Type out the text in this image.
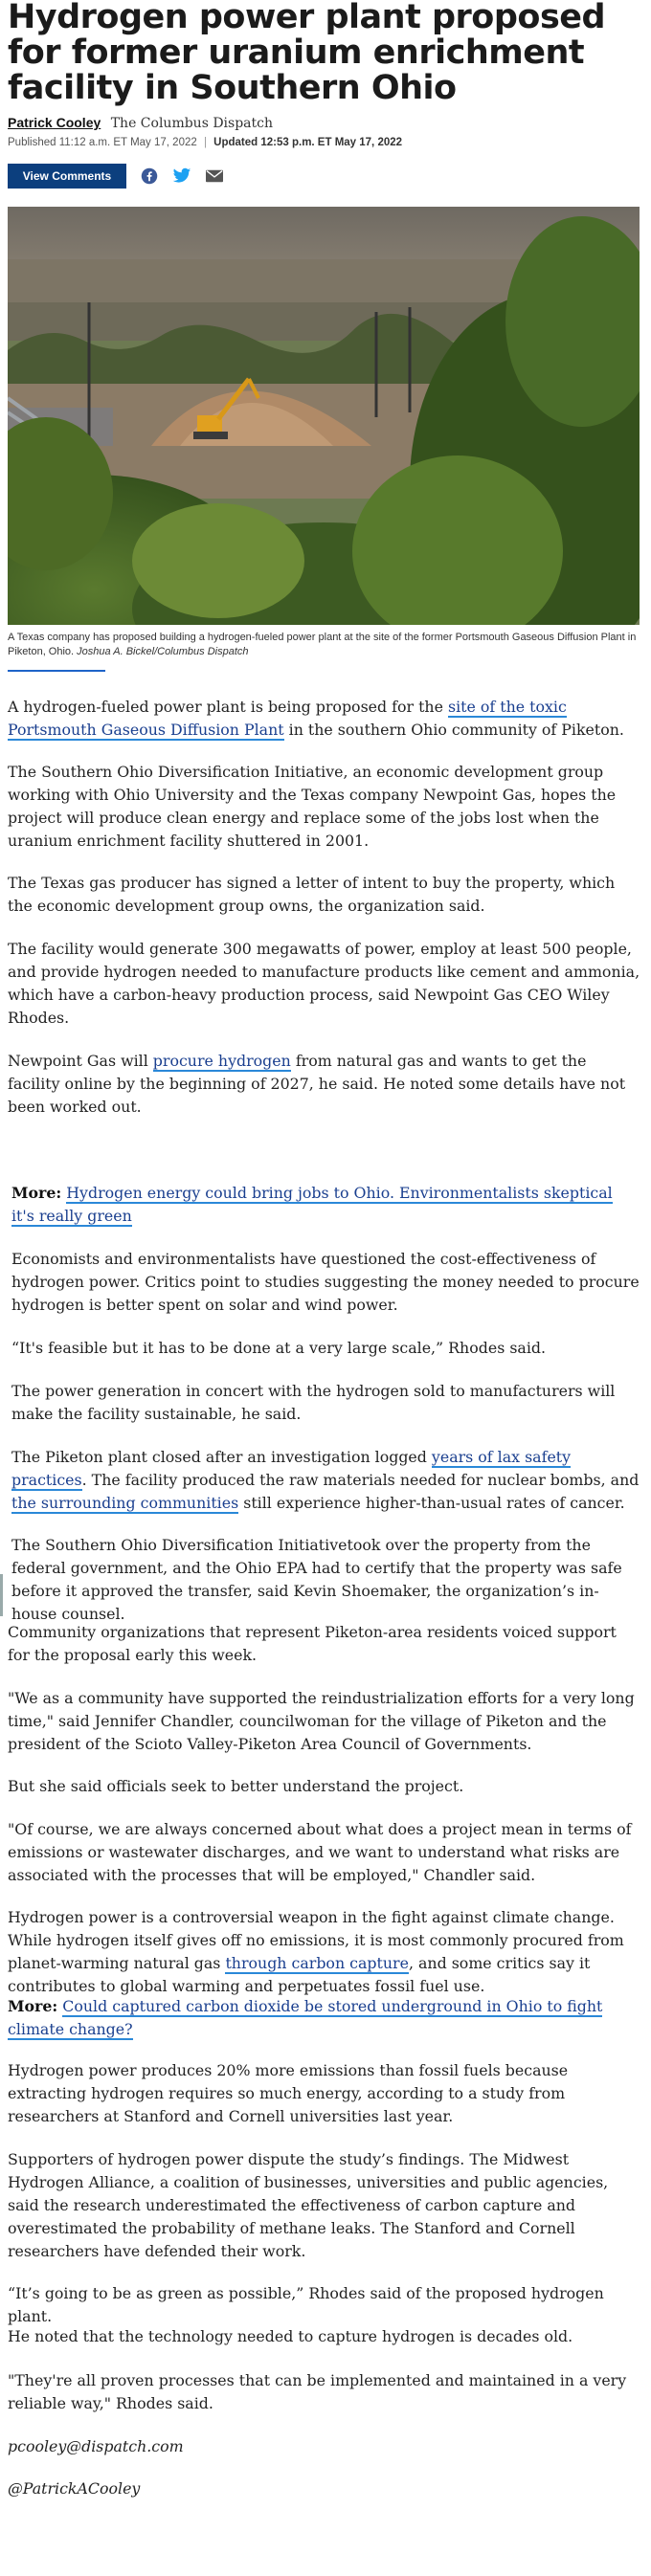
Hydrogen power plant proposed for former uranium enrichment facility in Southern Ohio
Patrick Cooley The Columbus Dispatch
Published 11:12 a.m. ET May 17, 2022 | Updated 12:53 p.m. ET May 17, 2022
View Comments
A Texas company has proposed building a hydrogen-fueled power plant at the site of the former Portsmouth Gaseous Diffusion Plant in Piketon, Ohio. Joshua A. Bickel/Columbus Dispatch

A hydrogen-fueled power plant is being proposed for the site of the toxic Portsmouth Gaseous Diffusion Plant in the southern Ohio community of Piketon.

The Southern Ohio Diversification Initiative, an economic development group working with Ohio University and the Texas company Newpoint Gas, hopes the project will produce clean energy and replace some of the jobs lost when the uranium enrichment facility shuttered in 2001.

The Texas gas producer has signed a letter of intent to buy the property, which the economic development group owns, the organization said.

The facility would generate 300 megawatts of power, employ at least 500 people, and provide hydrogen needed to manufacture products like cement and ammonia, which have a carbon-heavy production process, said Newpoint Gas CEO Wiley Rhodes.

Newpoint Gas will procure hydrogen from natural gas and wants to get the facility online by the beginning of 2027, he said. He noted some details have not been worked out.

More: Hydrogen energy could bring jobs to Ohio. Environmentalists skeptical it's really green

Economists and environmentalists have questioned the cost-effectiveness of hydrogen power. Critics point to studies suggesting the money needed to procure hydrogen is better spent on solar and wind power.

“It's feasible but it has to be done at a very large scale,” Rhodes said.

The power generation in concert with the hydrogen sold to manufacturers will make the facility sustainable, he said.

The Piketon plant closed after an investigation logged years of lax safety practices. The facility produced the raw materials needed for nuclear bombs, and the surrounding communities still experience higher-than-usual rates of cancer.

The Southern Ohio Diversification Initiativetook over the property from the federal government, and the Ohio EPA had to certify that the property was safe before it approved the transfer, said Kevin Shoemaker, the organization’s in-house counsel.

Community organizations that represent Piketon-area residents voiced support for the proposal early this week.

"We as a community have supported the reindustrialization efforts for a very long time," said Jennifer Chandler, councilwoman for the village of Piketon and the president of the Scioto Valley-Piketon Area Council of Governments.

But she said officials seek to better understand the project.

"Of course, we are always concerned about what does a project mean in terms of emissions or wastewater discharges, and we want to understand what risks are associated with the processes that will be employed," Chandler said.

Hydrogen power is a controversial weapon in the fight against climate change. While hydrogen itself gives off no emissions, it is most commonly procured from planet-warming natural gas through carbon capture, and some critics say it contributes to global warming and perpetuates fossil fuel use.

More: Could captured carbon dioxide be stored underground in Ohio to fight climate change?

Hydrogen power produces 20% more emissions than fossil fuels because extracting hydrogen requires so much energy, according to a study from researchers at Stanford and Cornell universities last year.

Supporters of hydrogen power dispute the study’s findings. The Midwest Hydrogen Alliance, a coalition of businesses, universities and public agencies, said the research underestimated the effectiveness of carbon capture and overestimated the probability of methane leaks. The Stanford and Cornell researchers have defended their work.

“It’s going to be as green as possible,” Rhodes said of the proposed hydrogen plant.

He noted that the technology needed to capture hydrogen is decades old.

"They're all proven processes that can be implemented and maintained in a very reliable way," Rhodes said.

pcooley@dispatch.com

@PatrickACooley
